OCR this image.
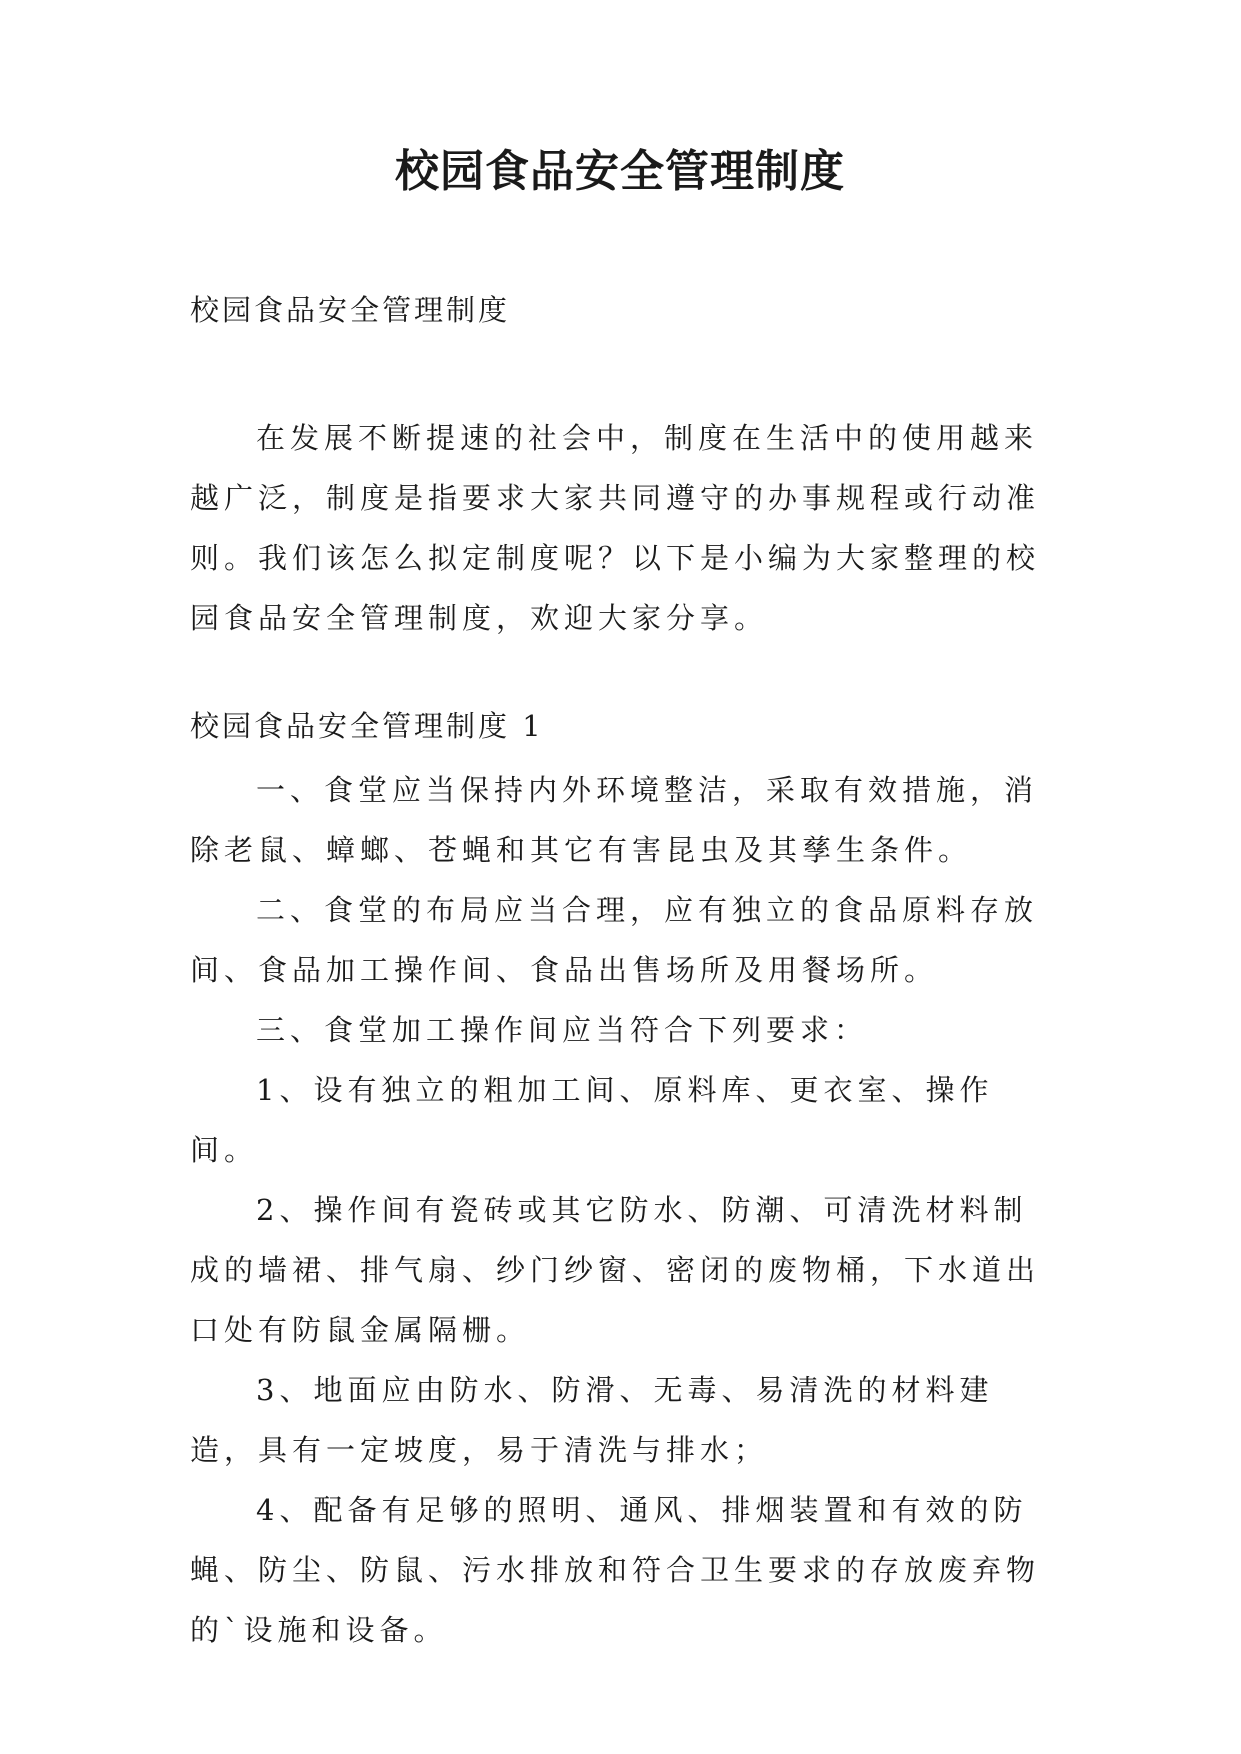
校园食品安全管理制度

校园食品安全管理制度

在发展不断提速的社会中，制度在生活中的使用越来越广泛，制度是指要求大家共同遵守的办事规程或行动准则。我们该怎么拟定制度呢？以下是小编为大家整理的校园食品安全管理制度，欢迎大家分享。

校园食品安全管理制度 1

一、食堂应当保持内外环境整洁，采取有效措施，消除老鼠、蟑螂、苍蝇和其它有害昆虫及其孳生条件。

二、食堂的布局应当合理，应有独立的食品原料存放间、食品加工操作间、食品出售场所及用餐场所。

三、食堂加工操作间应当符合下列要求：

1、设有独立的粗加工间、原料库、更衣室、操作间。

2、操作间有瓷砖或其它防水、防潮、可清洗材料制成的墙裙、排气扇、纱门纱窗、密闭的废物桶，下水道出口处有防鼠金属隔栅。

3、地面应由防水、防滑、无毒、易清洗的材料建造，具有一定坡度，易于清洗与排水；

4、配备有足够的照明、通风、排烟装置和有效的防蝇、防尘、防鼠、污水排放和符合卫生要求的存放废弃物的`设施和设备。
